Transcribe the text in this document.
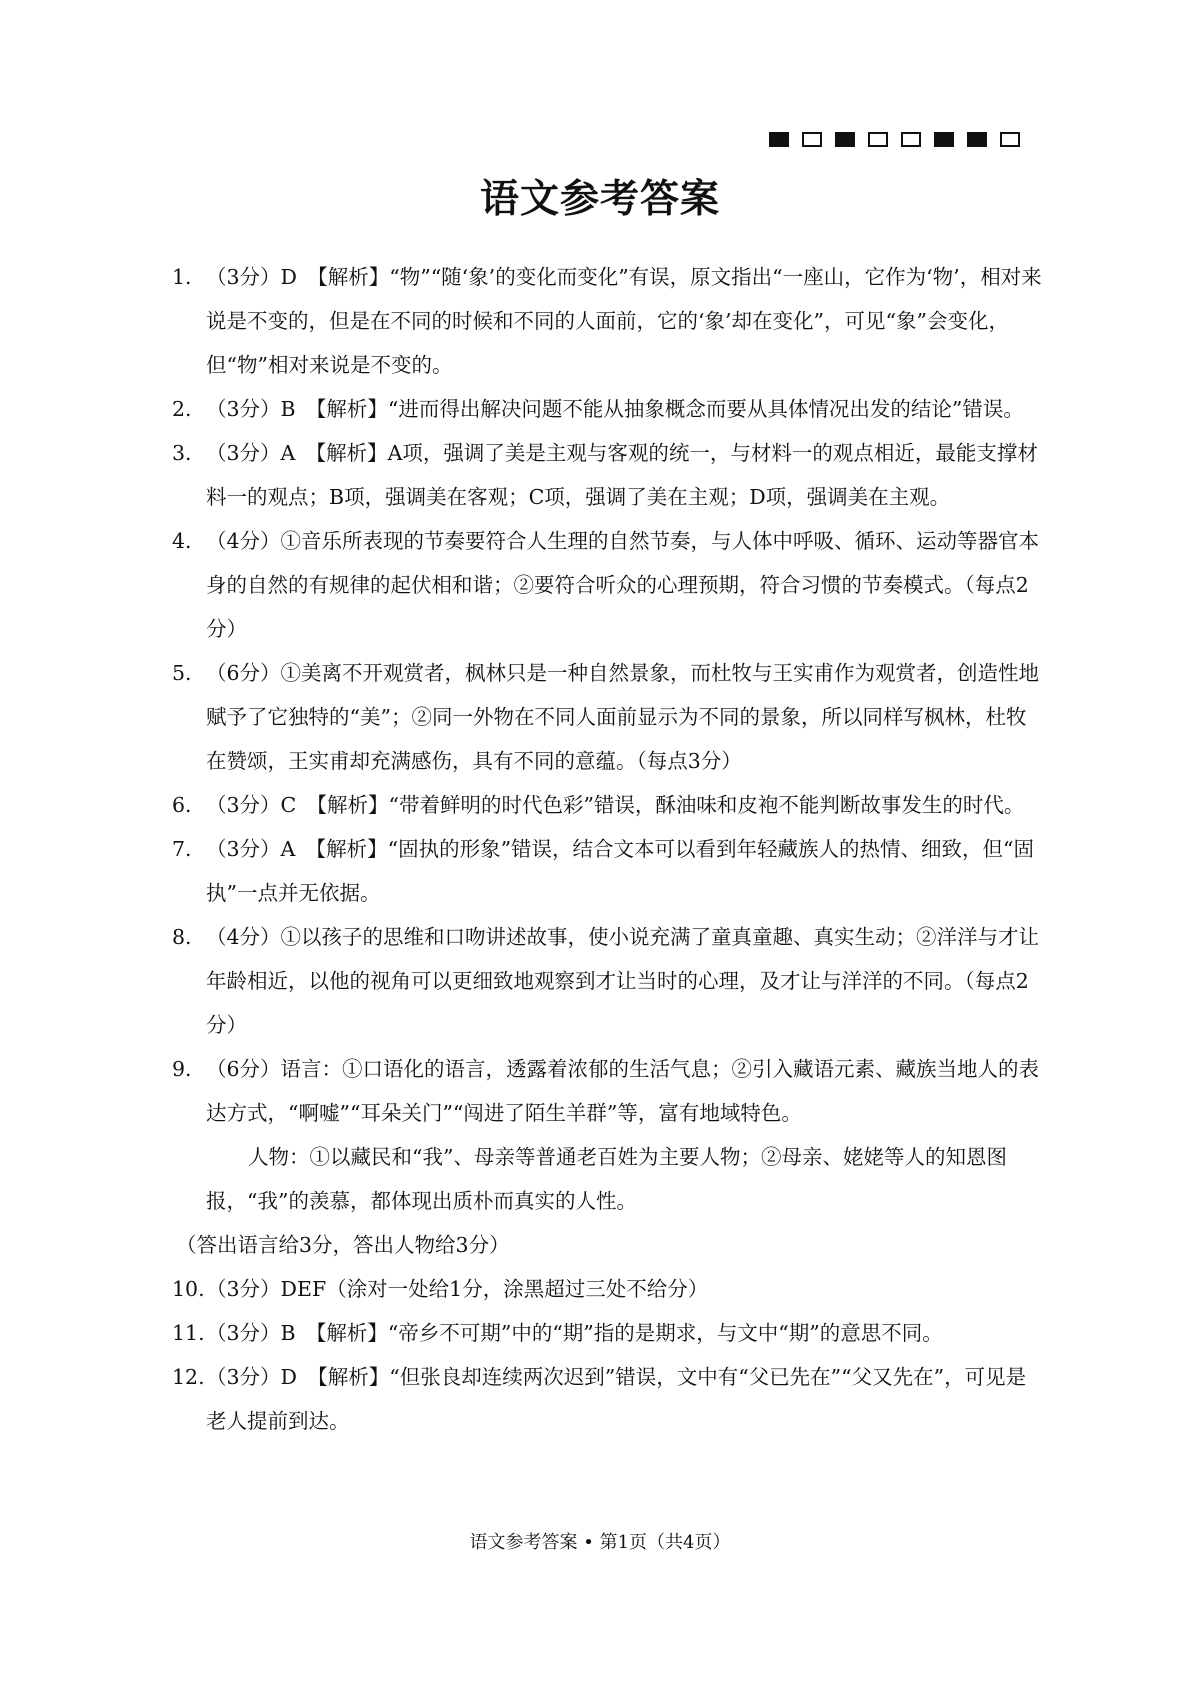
语文参考答案
1. （3分）D　【解析】“物”“随‘象’的变化而变化”有误，原文指出“一座山，它作为‘物’，相对来说是不变的，但是在不同的时候和不同的人面前，它的‘象’却在变化”，可见“象”会变化，但“物”相对来说是不变的。
2. （3分）B　【解析】“进而得出解决问题不能从抽象概念而要从具体情况出发的结论”错误。
3. （3分）A　【解析】A项，强调了美是主观与客观的统一，与材料一的观点相近，最能支撑材料一的观点；B项，强调美在客观；C项，强调了美在主观；D项，强调美在主观。
4. （4分）①音乐所表现的节奏要符合人生理的自然节奏，与人体中呼吸、循环、运动等器官本身的自然的有规律的起伏相和谐；②要符合听众的心理预期，符合习惯的节奏模式。（每点2分）
5. （6分）①美离不开观赏者，枫林只是一种自然景象，而杜牧与王实甫作为观赏者，创造性地赋予了它独特的“美”；②同一外物在不同人面前显示为不同的景象，所以同样写枫林，杜牧在赞颂，王实甫却充满感伤，具有不同的意蕴。（每点3分）
6. （3分）C　【解析】“带着鲜明的时代色彩”错误，酥油味和皮袍不能判断故事发生的时代。
7. （3分）A　【解析】“固执的形象”错误，结合文本可以看到年轻藏族人的热情、细致，但“固执”一点并无依据。
8. （4分）①以孩子的思维和口吻讲述故事，使小说充满了童真童趣、真实生动；②洋洋与才让年龄相近，以他的视角可以更细致地观察到才让当时的心理，及才让与洋洋的不同。（每点2分）
9. （6分）语言：①口语化的语言，透露着浓郁的生活气息；②引入藏语元素、藏族当地人的表达方式，“啊嘘”“耳朵关门”“闯进了陌生羊群”等，富有地域特色。
人物：①以藏民和“我”、母亲等普通老百姓为主要人物；②母亲、姥姥等人的知恩图报，“我”的羡慕，都体现出质朴而真实的人性。
（答出语言给3分，答出人物给3分）
10. （3分）DEF（涂对一处给1分，涂黑超过三处不给分）
11. （3分）B　【解析】“帝乡不可期”中的“期”指的是期求，与文中“期”的意思不同。
12. （3分）D　【解析】“但张良却连续两次迟到”错误，文中有“父已先在”“父又先在”，可见是老人提前到达。
语文参考答案 • 第1页（共4页）
